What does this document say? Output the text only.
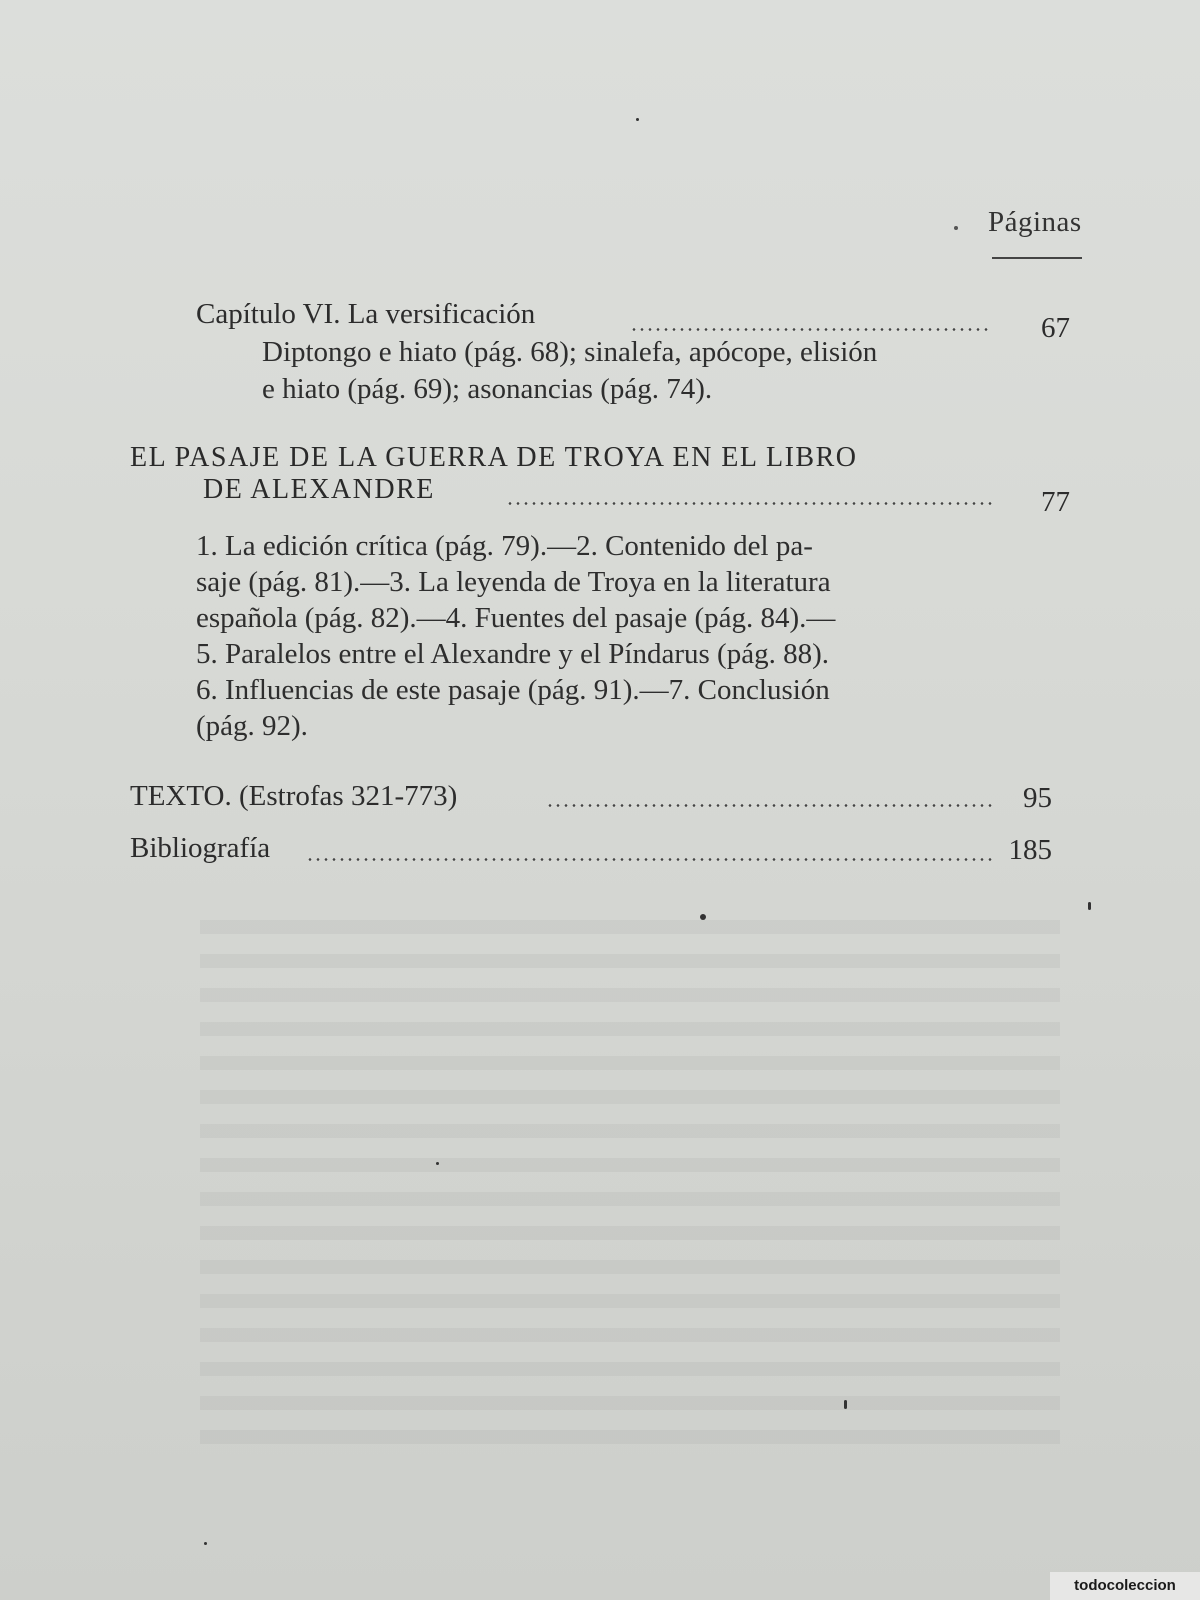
Páginas
Capítulo VI. La versificación	67
Diptongo e hiato (pág. 68); sinalefa, apócope, elisión
e hiato (pág. 69); asonancias (pág. 74).
EL PASAJE DE LA GUERRA DE TROYA EN EL LIBRO
DE ALEXANDRE	77
1. La edición crítica (pág. 79).—2. Contenido del pa-
saje (pág. 81).—3. La leyenda de Troya en la literatura
española (pág. 82).—4. Fuentes del pasaje (pág. 84).—
5. Paralelos entre el Alexandre y el Píndarus (pág. 88).
6. Influencias de este pasaje (pág. 91).—7. Conclusión
(pág. 92).
TEXTO. (Estrofas 321-773)	95
Bibliografía	185
todocoleccion
